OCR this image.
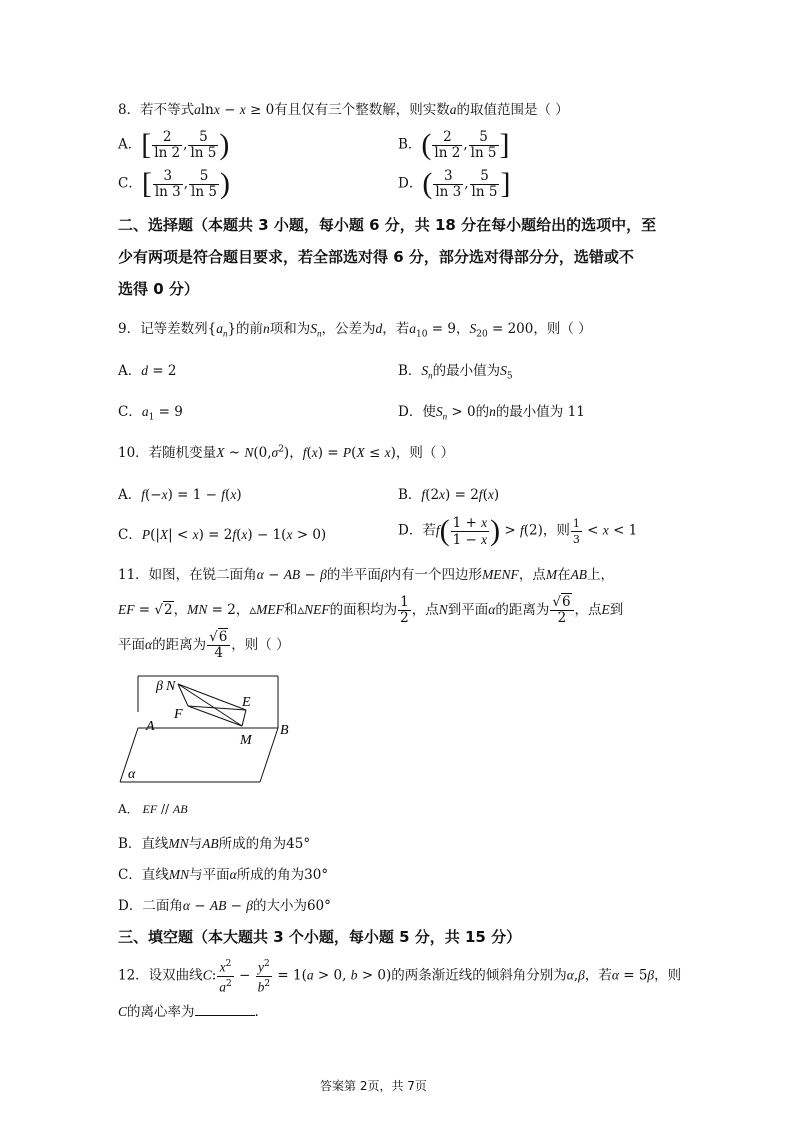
8．若不等式alnx − x ≥ 0有且仅有三个整数解，则实数a的取值范围是（ ）
A．[ $\frac{2}{\ln 2}$ , $\frac{5}{\ln 5}$ )	B．( $\frac{2}{\ln 2}$ , $\frac{5}{\ln 5}$ ]
C．[ $\frac{3}{\ln 3}$ , $\frac{5}{\ln 5}$ )	D．( $\frac{3}{\ln 3}$ , $\frac{5}{\ln 5}$ ]
二、选择题（本题共 3 小题，每小题 6 分，共 18 分在每小题给出的选项中，至
少有两项是符合题目要求，若全部选对得 6 分，部分选对得部分分，选错或不
选得 0 分）
9．记等差数列$\{a_n\}$的前n项和为$S_n$，公差为d，若$a_{10} = 9$，$S_{20} = 200$，则（ ）
A．d = 2	B．$S_n$的最小值为$S_5$
C．$a_1 = 9$	D．使$S_n > 0$的n的最小值为 11
10．若随机变量X ~ $N(0,\sigma^2)$，f(x) = P(X ≤ x)，则（ ）
A．f(−x) = 1 − f(x)	B．f(2x) = 2f(x)
C．P(|X| < x) = 2f(x) − 1(x > 0)	D．若$f( \frac{1 + x}{1 - x}$ ) > f(2)，则 $\frac{1}{3} < x < 1$
11．如图，在锐二面角α − AB − β的半平面β内有一个四边形MENF，点M在AB上，
EF = √2，MN = 2，▵MEF和▵NEF的面积均为 $\frac{1}{2}$ ，点N到平面α的距离为 $\frac{√6}{2}$ ，点E到
平面α的距离为 $\frac{√6}{4}$ ，则（ ）
β N
E
F
A	B
M
α
A． EF // AB
B．直线MN与AB所成的角为45°
C．直线MN与平面α所成的角为30°
D．二面角α − AB − β的大小为60°
三、填空题（本大题共 3 个小题，每小题 5 分，共 15 分）
12．设双曲线C: $\frac{x^2}{a^2} - \frac{y^2}{b^2} = 1(a > 0$, b > 0)的两条渐近线的倾斜角分别为α,β，若α = 5β，则
C的离心率为	.
答案第 2页，共 7页
